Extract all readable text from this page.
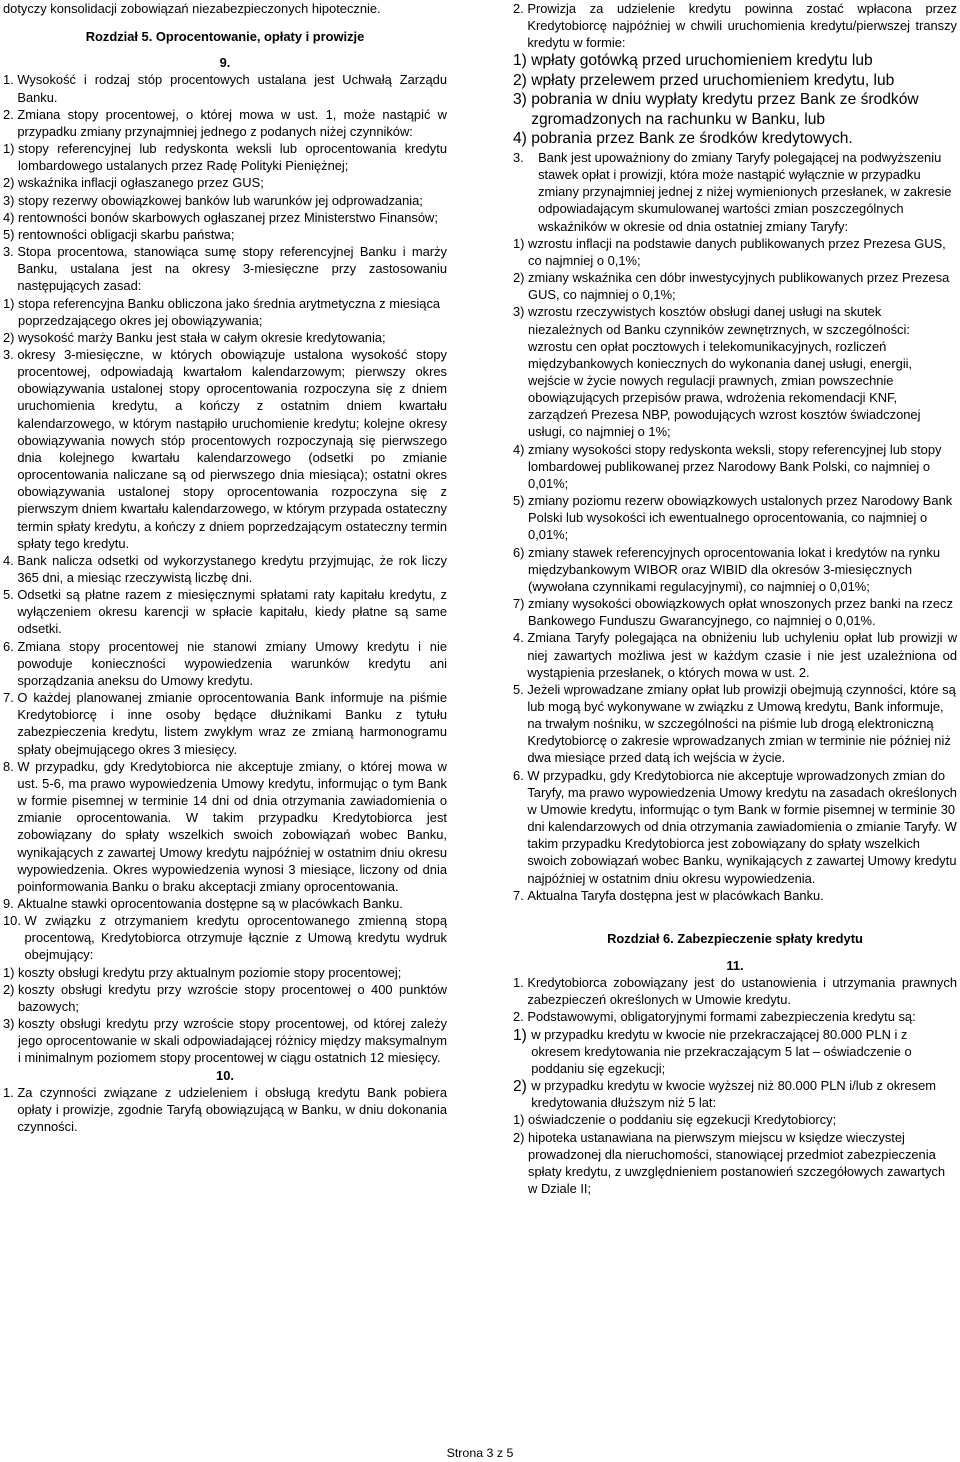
dotyczy konsolidacji zobowiązań niezabezpieczonych hipotecznie.
Rozdział 5. Oprocentowanie, opłaty i prowizje
9.
1. Wysokość i rodzaj stóp procentowych ustalana jest Uchwałą Zarządu Banku.
2. Zmiana stopy procentowej, o której mowa w ust. 1, może nastąpić w przypadku zmiany przynajmniej jednego z podanych niżej czynników:
1) stopy referencyjnej lub redyskonta weksli lub oprocentowania kredytu lombardowego ustalanych przez Radę Polityki Pieniężnej;
2) wskaźnika inflacji ogłaszanego przez GUS;
3) stopy rezerwy obowiązkowej banków lub warunków jej odprowadzania;
4) rentowności bonów skarbowych ogłaszanej przez Ministerstwo Finansów;
5) rentowności obligacji skarbu państwa;
3. Stopa procentowa, stanowiąca sumę stopy referencyjnej Banku i marży Banku, ustalana jest na okresy 3-miesięczne przy zastosowaniu następujących zasad:
1) stopa referencyjna Banku obliczona jako średnia arytmetyczna z miesiąca poprzedzającego okres jej obowiązywania;
2) wysokość marży Banku jest stała w całym okresie kredytowania;
3. okresy 3-miesięczne, w których obowiązuje ustalona wysokość stopy procentowej, odpowiadają kwartałom kalendarzowym; pierwszy okres obowiązywania ustalonej stopy oprocentowania rozpoczyna się z dniem uruchomienia kredytu, a kończy z ostatnim dniem kwartału kalendarzowego, w którym nastąpiło uruchomienie kredytu; kolejne okresy obowiązywania nowych stóp procentowych rozpoczynają się pierwszego dnia kolejnego kwartału kalendarzowego (odsetki po zmianie oprocentowania naliczane są od pierwszego dnia miesiąca); ostatni okres obowiązywania ustalonej stopy oprocentowania rozpoczyna się z pierwszym dniem kwartału kalendarzowego, w którym przypada ostateczny termin spłaty kredytu, a kończy z dniem poprzedzającym ostateczny termin spłaty tego kredytu.
4. Bank nalicza odsetki od wykorzystanego kredytu przyjmując, że rok liczy 365 dni, a miesiąc rzeczywistą liczbę dni.
5. Odsetki są płatne razem z miesięcznymi spłatami raty kapitału kredytu, z wyłączeniem okresu karencji w spłacie kapitału, kiedy płatne są same odsetki.
6. Zmiana stopy procentowej nie stanowi zmiany Umowy kredytu i nie powoduje konieczności wypowiedzenia warunków kredytu ani sporządzania aneksu do Umowy kredytu.
7. O każdej planowanej zmianie oprocentowania Bank informuje na piśmie Kredytobiorcę i inne osoby będące dłużnikami Banku z tytułu zabezpieczenia kredytu, listem zwykłym wraz ze zmianą harmonogramu spłaty obejmującego okres 3 miesięcy.
8. W przypadku, gdy Kredytobiorca nie akceptuje zmiany, o której mowa w ust. 5-6, ma prawo wypowiedzenia Umowy kredytu, informując o tym Bank w formie pisemnej w terminie 14 dni od dnia otrzymania zawiadomienia o zmianie oprocentowania. W takim przypadku Kredytobiorca jest zobowiązany do spłaty wszelkich swoich zobowiązań wobec Banku, wynikających z zawartej Umowy kredytu najpóźniej w ostatnim dniu okresu wypowiedzenia. Okres wypowiedzenia wynosi 3 miesiące, liczony od dnia poinformowania Banku o braku akceptacji zmiany oprocentowania.
9. Aktualne stawki oprocentowania dostępne są w placówkach Banku.
10. W związku z otrzymaniem kredytu oprocentowanego zmienną stopą procentową, Kredytobiorca otrzymuje łącznie z Umową kredytu wydruk obejmujący:
1) koszty obsługi kredytu przy aktualnym poziomie stopy procentowej;
2) koszty obsługi kredytu przy wzroście stopy procentowej o 400 punktów bazowych;
3) koszty obsługi kredytu przy wzroście stopy procentowej, od której zależy jego oprocentowanie w skali odpowiadającej różnicy między maksymalnym i minimalnym poziomem stopy procentowej w ciągu ostatnich 12 miesięcy.
10.
1. Za czynności związane z udzieleniem i obsługą kredytu Bank pobiera opłaty i prowizje, zgodnie Taryfą obowiązującą w Banku, w dniu dokonania czynności.
2. Prowizja za udzielenie kredytu powinna zostać wpłacona przez Kredytobiorcę najpóźniej w chwili uruchomienia kredytu/pierwszej transzy kredytu w formie:
1) wpłaty gotówką przed uruchomieniem kredytu lub
2) wpłaty przelewem przed uruchomieniem kredytu, lub
3) pobrania w dniu wypłaty kredytu przez Bank ze środków zgromadzonych na rachunku w Banku, lub
4) pobrania przez Bank ze środków kredytowych.
3. Bank jest upoważniony do zmiany Taryfy polegającej na podwyższeniu stawek opłat i prowizji, która może nastąpić wyłącznie w przypadku zmiany przynajmniej jednej z niżej wymienionych przesłanek, w zakresie odpowiadającym skumulowanej wartości zmian poszczególnych wskaźników w okresie od dnia ostatniej zmiany Taryfy:
1) wzrostu inflacji na podstawie danych publikowanych przez Prezesa GUS, co najmniej o 0,1%;
2) zmiany wskaźnika cen dóbr inwestycyjnych publikowanych przez Prezesa GUS, co najmniej o 0,1%;
3) wzrostu rzeczywistych kosztów obsługi danej usługi na skutek niezależnych od Banku czynników zewnętrznych, w szczególności: wzrostu cen opłat pocztowych i telekomunikacyjnych, rozliczeń międzybankowych koniecznych do wykonania danej usługi, energii, wejście w życie nowych regulacji prawnych, zmian powszechnie obowiązujących przepisów prawa, wdrożenia rekomendacji KNF, zarządzeń Prezesa NBP, powodujących wzrost kosztów świadczonej usługi, co najmniej o 1%;
4) zmiany wysokości stopy redyskonta weksli, stopy referencyjnej lub stopy lombardowej publikowanej przez Narodowy Bank Polski, co najmniej o 0,01%;
5) zmiany poziomu rezerw obowiązkowych ustalonych przez Narodowy Bank Polski lub wysokości ich ewentualnego oprocentowania, co najmniej o 0,01%;
6) zmiany stawek referencyjnych oprocentowania lokat i kredytów na rynku międzybankowym WIBOR oraz WIBID dla okresów 3-miesięcznych (wywołana czynnikami regulacyjnymi), co najmniej o 0,01%;
7) zmiany wysokości obowiązkowych opłat wnoszonych przez banki na rzecz Bankowego Funduszu Gwarancyjnego, co najmniej o 0,01%.
4. Zmiana Taryfy polegająca na obniżeniu lub uchyleniu opłat lub prowizji w niej zawartych możliwa jest w każdym czasie i nie jest uzależniona od wystąpienia przesłanek, o których mowa w ust. 2.
5. Jeżeli wprowadzane zmiany opłat lub prowizji obejmują czynności, które są lub mogą być wykonywane w związku z Umową kredytu, Bank informuje, na trwałym nośniku, w szczególności na piśmie lub drogą elektroniczną Kredytobiorcę o zakresie wprowadzanych zmian w terminie nie później niż dwa miesiące przed datą ich wejścia w życie.
6. W przypadku, gdy Kredytobiorca nie akceptuje wprowadzonych zmian do Taryfy, ma prawo wypowiedzenia Umowy kredytu na zasadach określonych w Umowie kredytu, informując o tym Bank w formie pisemnej w terminie 30 dni kalendarzowych od dnia otrzymania zawiadomienia o zmianie Taryfy. W takim przypadku Kredytobiorca jest zobowiązany do spłaty wszelkich swoich zobowiązań wobec Banku, wynikających z zawartej Umowy kredytu najpóźniej w ostatnim dniu okresu wypowiedzenia.
7. Aktualna Taryfa dostępna jest w placówkach Banku.
Rozdział 6. Zabezpieczenie spłaty kredytu
11.
1. Kredytobiorca zobowiązany jest do ustanowienia i utrzymania prawnych zabezpieczeń określonych w Umowie kredytu.
2. Podstawowymi, obligatoryjnymi formami zabezpieczenia kredytu są:
1) w przypadku kredytu w kwocie nie przekraczającej 80.000 PLN i z okresem kredytowania nie przekraczającym 5 lat – oświadczenie o poddaniu się egzekucji;
2) w przypadku kredytu w kwocie wyższej niż 80.000 PLN i/lub z okresem kredytowania dłuższym niż 5 lat:
1) oświadczenie o poddaniu się egzekucji Kredytobiorcy;
2) hipoteka ustanawiana na pierwszym miejscu w księdze wieczystej prowadzonej dla nieruchomości, stanowiącej przedmiot zabezpieczenia spłaty kredytu, z uwzględnieniem postanowień szczegółowych zawartych w Dziale II;
Strona 3 z 5
